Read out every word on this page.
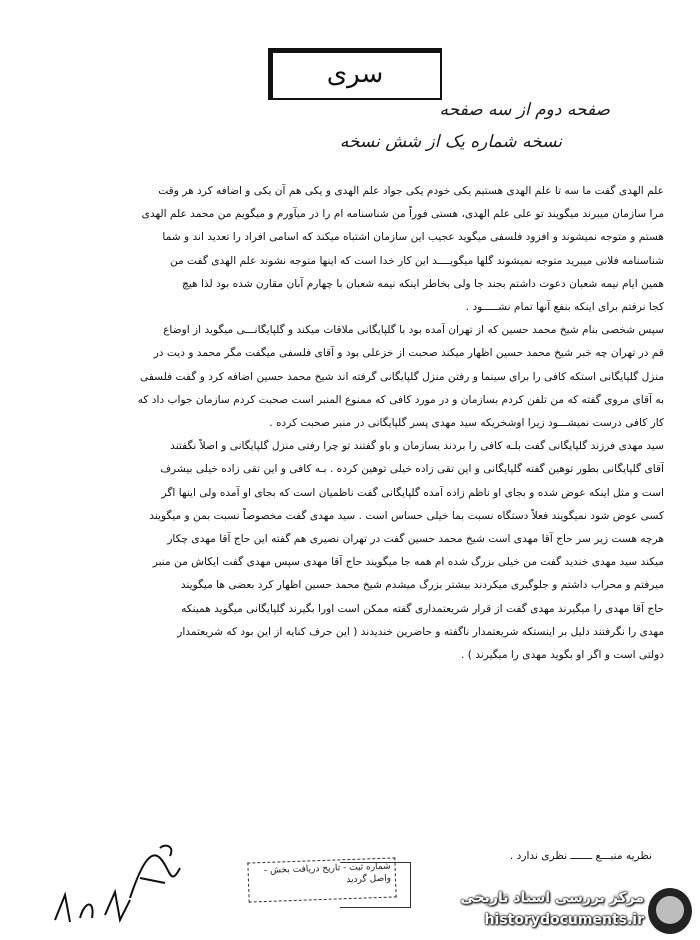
سری
صفحه دوم از سه صفحه
نسخه شماره یک از شش نسخه

علم الهدی گفت ما سه تا علم الهدی هستیم یکی خودم یکی جواد علم الهدی و یکی هم آن یکی و اضافه کرد هر وقت
مرا سازمان میبرند میگویند تو علی علم الهدی، هستی فوراً من شناسنامه ام را در میآورم و میگویم من محمد علم الهدی
هستم و متوجه نمیشوند و افزود فلسفی میگوید عجیب این سازمان اشتباه میکند که اسامی افراد را تعدید اند و شما
شناسنامه فلانی میبرید متوجه نمیشوند گلها میگویــــد این کار خدا است که اینها متوجه نشوند علم الهدی گفت من
همین ایام نیمه شعبان دعوت داشتم بجند جا ولی بخاطر اینکه نیمه شعبان با چهارم آبان مقارن شده بود لذا هیچ
کجا نرفتم برای اینکه بنفع آنها تمام نشـــــود .

سپس شخصی بنام شیخ محمد حسین که از تهران آمده بود با گلپایگانی ملاقات میکند و گلپایگانـــی میگوید از اوضاع
قم در تهران چه خبر شیخ محمد حسین اظهار میکند صحبت از خزعلی بود و آقای فلسفی میگفت مگر محمد و دیت در
منزل گلپایگانی استکه کافی را برای سینما و رفتن منزل گلپایگانی گرفته اند شیخ محمد حسین اضافه کرد و گفت فلسفی
به آقای مروی گفته که من تلفن کردم بسازمان و در مورد کافی که ممنوع المنبر است صحبت کردم سازمان جواب داد که
کار کافی درست نمیشـــود زیرا اوشخریکه سید مهدی پسر گلپایگانی در منبر صحبت کرده .

سید مهدی فرزند گلپایگانی گفت بلـه کافی را بردند بسازمان و باو گفتند تو چرا رفتی منزل گلپایگانی و اصلاً نگفتند
آقای گلپایگانی بطور توهین گفته گلپایگانی و این تقی زاده خیلی توهین کرده . بـه کافی و این تقی زاده خیلی بیشرف
است و مثل اینکه عوض شده و بجای او ناظم زاده آمده گلپایگانی گفت ناظمیان است که بجای او آمده ولی اینها اگر
کسی عوض شود نمیگویند فعلاً دستگاه نسبت بما خیلی حساس است . سید مهدی گفت مخصوصاً نسبت بمن و میگویند
هرچه هست زیر سر حاج آقا مهدی است شیخ محمد حسین گفت در تهران نصیری هم گفته این حاج آقا مهدی چکار
میکند سید مهدی خندید گفت من خیلی بزرگ شده ام همه جا میگویند حاج آقا مهدی سپس مهدی گفت ایکاش من منبر
میرفتم و محراب داشتم و جلوگیری میکردند بیشتر بزرگ میشدم شیخ محمد حسین اظهار کرد بعضی ها میگویند
حاج آقا مهدی را میگیرند مهدی گفت از قرار شریعتمداری گفته ممکن است اورا بگیرند گلپایگانی میگوید همینکه
مهدی را نگرفتند دلیل بر اینستکه شریعتمدار ناگفته و حاضرین خندیدند ( این حرف کنایه از این بود که شریعتمدار
دولتی است و اگر او بگوید مهدی را میگیرند ) .

نظریه منبـــع ـــــــ نظری ندارد .
شماره ثبت - تاریخ دریافت بخش - واصل گردید
مرکز بررسی اسناد تاریخی
historydocuments.ir
